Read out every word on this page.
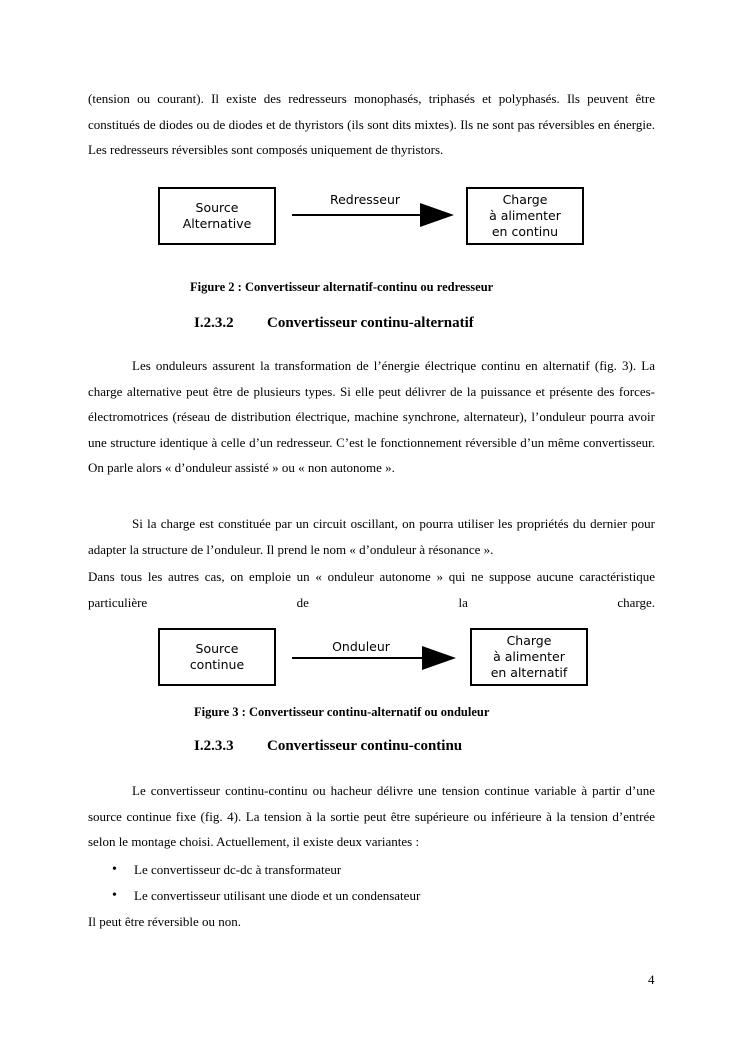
(tension ou courant). Il existe des redresseurs monophasés, triphasés et polyphasés. Ils peuvent être constitués de diodes ou de diodes et de thyristors (ils sont dits mixtes). Ils ne sont pas réversibles en énergie. Les redresseurs réversibles sont composés uniquement de thyristors.

Source
Alternative
Redresseur	Charge
à alimenter
en continu
Figure 2 : Convertisseur alternatif-continu ou redresseur
I.2.3.2 Convertisseur continu-alternatif

Les onduleurs assurent la transformation de l’énergie électrique continu en alternatif (fig. 3). La charge alternative peut être de plusieurs types. Si elle peut délivrer de la puissance et présente des forces-électromotrices (réseau de distribution électrique, machine synchrone, alternateur), l’onduleur pourra avoir une structure identique à celle d’un redresseur. C’est le fonctionnement réversible d’un même convertisseur. On parle alors « d’onduleur assisté » ou « non autonome ».

Si la charge est constituée par un circuit oscillant, on pourra utiliser les propriétés du dernier pour adapter la structure de l’onduleur. Il prend le nom « d’onduleur à résonance ».

Dans tous les autres cas, on emploie un « onduleur autonome » qui ne suppose aucune caractéristique particulière de la charge.

Source
continue
Onduleur	Charge
à alimenter
en alternatif
Figure 3 : Convertisseur continu-alternatif ou onduleur
I.2.3.3 Convertisseur continu-continu

Le convertisseur continu-continu ou hacheur délivre une tension continue variable à partir d’une source continue fixe (fig. 4). La tension à la sortie peut être supérieure ou inférieure à la tension d’entrée selon le montage choisi. Actuellement, il existe deux variantes :

• Le convertisseur dc-dc à transformateur
• Le convertisseur utilisant une diode et un condensateur

Il peut être réversible ou non.

4
